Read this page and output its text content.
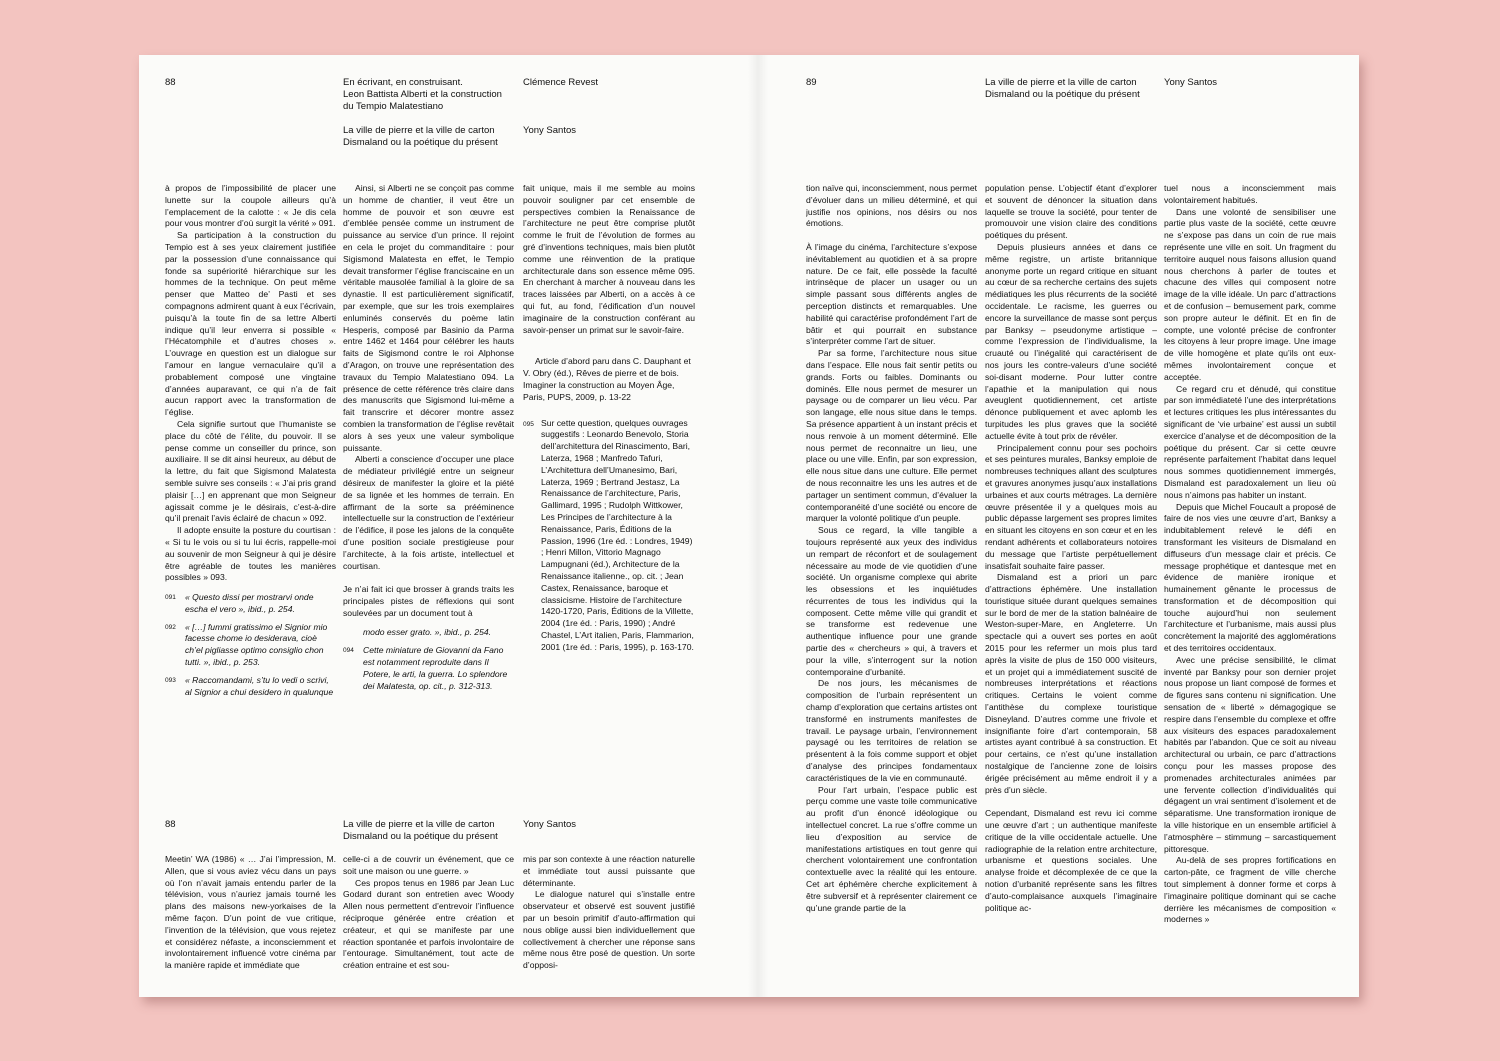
88	En écrivant, en construisant.
Leon Battista Alberti et la construction
du Tempio Malatestiano
Clémence Revest
La ville de pierre et la ville de carton
Dismaland ou la poétique du présent
Yony Santos

à propos de l’impossibilité de placer une lunette sur la coupole ailleurs qu’à l’emplacement de la calotte : « Je dis cela pour vous montrer d’où surgit la vérité » 091.

Sa participation à la construction du Tempio est à ses yeux clairement justifiée par la possession d’une connaissance qui fonde sa supériorité hiérarchique sur les hommes de la technique. On peut même penser que Matteo de’ Pasti et ses compagnons admirent quant à eux l’écrivain, puisqu’à la toute fin de sa lettre Alberti indique qu’il leur enverra si possible « l’Hécatomphile et d’autres choses ». L’ouvrage en question est un dialogue sur l’amour en langue vernaculaire qu’il a probablement composé une vingtaine d’années auparavant, ce qui n’a de fait aucun rapport avec la transformation de l’église.

Cela signifie surtout que l’humaniste se place du côté de l’élite, du pouvoir. Il se pense comme un conseiller du prince, son auxiliaire. Il se dit ainsi heureux, au début de la lettre, du fait que Sigismond Malatesta semble suivre ses conseils : « J’ai pris grand plaisir […] en apprenant que mon Seigneur agissait comme je le désirais, c’est-à-dire qu’il prenait l’avis éclairé de chacun » 092.

Il adopte ensuite la posture du courtisan : « Si tu le vois ou si tu lui écris, rappelle-moi au souvenir de mon Seigneur à qui je désire être agréable de toutes les manières possibles » 093.

091 « Questo dissi per mostrarvi onde escha el vero », ibid., p. 254.
092 « […] fummi gratissimo el Signior mio facesse chome io desiderava, cioè ch’el pigliasse optimo consiglio chon tutti. », ibid., p. 253.
093 « Raccomandami, s’tu lo vedi o scrivi, al Signior a chui desidero in qualunque

Ainsi, si Alberti ne se conçoit pas comme un homme de chantier, il veut être un homme de pouvoir et son œuvre est d’emblée pensée comme un instrument de puissance au service d’un prince. Il rejoint en cela le projet du commanditaire : pour Sigismond Malatesta en effet, le Tempio devait transformer l’église franciscaine en un véritable mausolée familial à la gloire de sa dynastie. Il est particulièrement significatif, par exemple, que sur les trois exemplaires enluminés conservés du poème latin Hesperis, composé par Basinio da Parma entre 1462 et 1464 pour célébrer les hauts faits de Sigismond contre le roi Alphonse d’Aragon, on trouve une représentation des travaux du Tempio Malatestiano 094. La présence de cette référence très claire dans des manuscrits que Sigismond lui-même a fait transcrire et décorer montre assez combien la transformation de l’église revêtait alors à ses yeux une valeur symbolique puissante.

Alberti a conscience d’occuper une place de médiateur privilégié entre un seigneur désireux de manifester la gloire et la piété de sa lignée et les hommes de terrain. En affirmant de la sorte sa prééminence intellectuelle sur la construction de l’extérieur de l’édifice, il pose les jalons de la conquête d’une position sociale prestigieuse pour l’architecte, à la fois artiste, intellectuel et courtisan.

Je n’ai fait ici que brosser à grands traits les principales pistes de réflexions qui sont soulevées par un document tout à

modo esser grato. », ibid., p. 254.
094 Cette miniature de Giovanni da Fano est notamment reproduite dans Il Potere, le arti, la guerra. Lo splendore dei Malatesta, op. cit., p. 312-313.

fait unique, mais il me semble au moins pouvoir souligner par cet ensemble de perspectives combien la Renaissance de l’architecture ne peut être comprise plutôt comme le fruit de l’évolution de formes au gré d’inventions techniques, mais bien plutôt comme une réinvention de la pratique architecturale dans son essence même 095. En cherchant à marcher à nouveau dans les traces laissées par Alberti, on a accès à ce qui fut, au fond, l’édification d’un nouvel imaginaire de la construction conférant au savoir-penser un primat sur le savoir-faire.

Article d’abord paru dans C. Dauphant et V. Obry (éd.), Rêves de pierre et de bois. Imaginer la construction au Moyen Âge, Paris, PUPS, 2009, p. 13-22

095 Sur cette question, quelques ouvrages suggestifs : Leonardo Benevolo, Storia dell’architettura del Rinascimento, Bari, Laterza, 1968 ; Manfredo Tafuri, L’Architettura dell’Umanesimo, Bari, Laterza, 1969 ; Bertrand Jestasz, La Renaissance de l’architecture, Paris, Gallimard, 1995 ; Rudolph Wittkower, Les Principes de l’architecture à la Renaissance, Paris, Éditions de la Passion, 1996 (1re éd. : Londres, 1949) ; Henri Millon, Vittorio Magnago Lampugnani (éd.), Architecture de la Renaissance italienne., op. cit. ; Jean Castex, Renaissance, baroque et classicisme. Histoire de l’architecture 1420-1720, Paris, Éditions de la Villette, 2004 (1re éd. : Paris, 1990) ; André Chastel, L’Art italien, Paris, Flammarion, 2001 (1re éd. : Paris, 1995), p. 163-170.
88	La ville de pierre et la ville de carton
Dismaland ou la poétique du présent
Yony Santos

Meetin’ WA (1986) « … J’ai l’impression, M. Allen, que si vous aviez vécu dans un pays où l’on n’avait jamais entendu parler de la télévision, vous n’auriez jamais tourné les plans des maisons new-yorkaises de la même façon. D’un point de vue critique, l’invention de la télévision, que vous rejetez et considérez néfaste, a inconsciemment et involontairement influencé votre cinéma par la manière rapide et immédiate que

celle-ci a de couvrir un événement, que ce soit une maison ou une guerre. »

Ces propos tenus en 1986 par Jean Luc Godard durant son entretien avec Woody Allen nous permettent d’entrevoir l’influence réciproque générée entre création et créateur, et qui se manifeste par une réaction spontanée et parfois involontaire de l’entourage. Simultanément, tout acte de création entraine et est sou-

mis par son contexte à une réaction naturelle et immédiate tout aussi puissante que déterminante.

Le dialogue naturel qui s’installe entre observateur et observé est souvent justifié par un besoin primitif d’auto-affirmation qui nous oblige aussi bien individuellement que collectivement à chercher une réponse sans même nous être posé de question. Un sorte d’opposi-

89	La ville de pierre et la ville de carton
Dismaland ou la poétique du présent
Yony Santos

tion naïve qui, inconsciemment, nous permet d’évoluer dans un milieu déterminé, et qui justifie nos opinions, nos désirs ou nos émotions.

À l’image du cinéma, l’architecture s’expose inévitablement au quotidien et à sa propre nature. De ce fait, elle possède la faculté intrinsèque de placer un usager ou un simple passant sous différents angles de perception distincts et remarquables. Une habilité qui caractérise profondément l’art de bâtir et qui pourrait en substance s’interpréter comme l’art de situer.

Par sa forme, l’architecture nous situe dans l’espace. Elle nous fait sentir petits ou grands. Forts ou faibles. Dominants ou dominés. Elle nous permet de mesurer un paysage ou de comparer un lieu vécu. Par son langage, elle nous situe dans le temps. Sa présence appartient à un instant précis et nous renvoie à un moment déterminé. Elle nous permet de reconnaitre un lieu, une place ou une ville. Enfin, par son expression, elle nous situe dans une culture. Elle permet de nous reconnaitre les uns les autres et de partager un sentiment commun, d’évaluer la contemporanéité d’une société ou encore de marquer la volonté politique d’un peuple.

Sous ce regard, la ville tangible a toujours représenté aux yeux des individus un rempart de réconfort et de soulagement nécessaire au mode de vie quotidien d’une société. Un organisme complexe qui abrite les obsessions et les inquiétudes récurrentes de tous les individus qui la composent. Cette même ville qui grandit et se transforme est redevenue une authentique influence pour une grande partie des « chercheurs » qui, à travers et pour la ville, s’interrogent sur la notion contemporaine d’urbanité.

De nos jours, les mécanismes de composition de l’urbain représentent un champ d’exploration que certains artistes ont transformé en instruments manifestes de travail. Le paysage urbain, l’environnement paysagé ou les territoires de relation se présentent à la fois comme support et objet d’analyse des principes fondamentaux caractéristiques de la vie en communauté.

Pour l’art urbain, l’espace public est perçu comme une vaste toile communicative au profit d’un énoncé idéologique ou intellectuel concret. La rue s’offre comme un lieu d’exposition au service de manifestations artistiques en tout genre qui cherchent volontairement une confrontation contextuelle avec la réalité qui les entoure. Cet art éphémère cherche explicitement à être subversif et à représenter clairement ce qu’une grande partie de la

population pense. L’objectif étant d’explorer et souvent de dénoncer la situation dans laquelle se trouve la société, pour tenter de promouvoir une vision claire des conditions poétiques du présent.

Depuis plusieurs années et dans ce même registre, un artiste britannique anonyme porte un regard critique en situant au cœur de sa recherche certains des sujets médiatiques les plus récurrents de la société occidentale. Le racisme, les guerres ou encore la surveillance de masse sont perçus par Banksy – pseudonyme artistique – comme l’expression de l’individualisme, la cruauté ou l’inégalité qui caractérisent de nos jours les contre-valeurs d’une société soi-disant moderne. Pour lutter contre l’apathie et la manipulation qui nous aveuglent quotidiennement, cet artiste dénonce publiquement et avec aplomb les turpitudes les plus graves que la société actuelle évite à tout prix de révéler.

Principalement connu pour ses pochoirs et ses peintures murales, Banksy emploie de nombreuses techniques allant des sculptures et gravures anonymes jusqu’aux installations urbaines et aux courts métrages. La dernière œuvre présentée il y a quelques mois au public dépasse largement ses propres limites en situant les citoyens en son cœur et en les rendant adhérents et collaborateurs notoires du message que l’artiste perpétuellement insatisfait souhaite faire passer.

Dismaland est a priori un parc d’attractions éphémère. Une installation touristique située durant quelques semaines sur le bord de mer de la station balnéaire de Weston-super-Mare, en Angleterre. Un spectacle qui a ouvert ses portes en août 2015 pour les refermer un mois plus tard après la visite de plus de 150 000 visiteurs, et un projet qui a immédiatement suscité de nombreuses interprétations et réactions critiques. Certains le voient comme l’antithèse du complexe touristique Disneyland. D’autres comme une frivole et insignifiante foire d’art contemporain, 58 artistes ayant contribué à sa construction. Et pour certains, ce n’est qu’une installation nostalgique de l’ancienne zone de loisirs érigée précisément au même endroit il y a près d’un siècle.

Cependant, Dismaland est revu ici comme une œuvre d’art ; un authentique manifeste critique de la ville occidentale actuelle. Une radiographie de la relation entre architecture, urbanisme et questions sociales. Une analyse froide et décomplexée de ce que la notion d’urbanité représente sans les filtres d’auto-complaisance auxquels l’imaginaire politique ac-

tuel nous a inconsciemment mais volontairement habitués.

Dans une volonté de sensibiliser une partie plus vaste de la société, cette œuvre ne s’expose pas dans un coin de rue mais représente une ville en soit. Un fragment du territoire auquel nous faisons allusion quand nous cherchons à parler de toutes et chacune des villes qui composent notre image de la ville idéale. Un parc d’attractions et de confusion – bemusement park, comme son propre auteur le définit. Et en fin de compte, une volonté précise de confronter les citoyens à leur propre image. Une image de ville homogène et plate qu’ils ont eux-mêmes involontairement conçue et acceptée.

Ce regard cru et dénudé, qui constitue par son immédiateté l’une des interprétations et lectures critiques les plus intéressantes du significant de ‘vie urbaine’ est aussi un subtil exercice d’analyse et de décomposition de la poétique du présent. Car si cette œuvre représente parfaitement l’habitat dans lequel nous sommes quotidiennement immergés, Dismaland est paradoxalement un lieu où nous n’aimons pas habiter un instant.

Depuis que Michel Foucault a proposé de faire de nos vies une œuvre d’art, Banksy a indubitablement relevé le défi en transformant les visiteurs de Dismaland en diffuseurs d’un message clair et précis. Ce message prophétique et dantesque met en évidence de manière ironique et humainement gênante le processus de transformation et de décomposition qui touche aujourd’hui non seulement l’architecture et l’urbanisme, mais aussi plus concrètement la majorité des agglomérations et des territoires occidentaux.

Avec une précise sensibilité, le climat inventé par Banksy pour son dernier projet nous propose un liant composé de formes et de figures sans contenu ni signification. Une sensation de « liberté » démagogique se respire dans l’ensemble du complexe et offre aux visiteurs des espaces paradoxalement habités par l’abandon. Que ce soit au niveau architectural ou urbain, ce parc d’attractions conçu pour les masses propose des promenades architecturales animées par une fervente collection d’individualités qui dégagent un vrai sentiment d’isolement et de séparatisme. Une transformation ironique de la ville historique en un ensemble artificiel à l’atmosphère – stimmung – sarcastiquement pittoresque.

Au-delà de ses propres fortifications en carton-pâte, ce fragment de ville cherche tout simplement à donner forme et corps à l’imaginaire politique dominant qui se cache derrière les mécanismes de composition « modernes »
